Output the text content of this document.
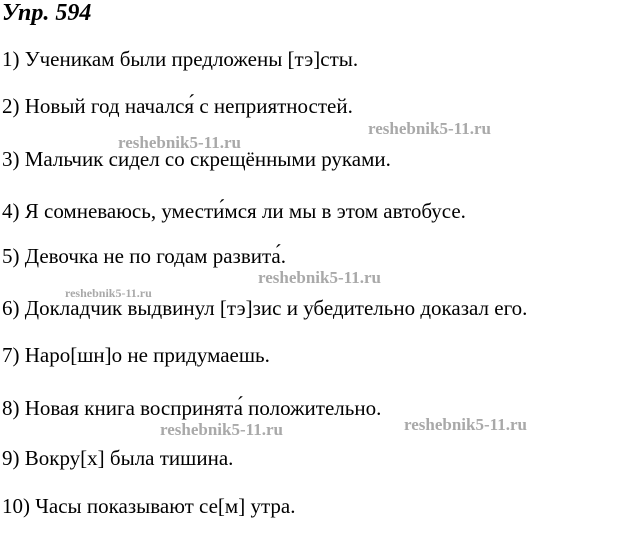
Упр. 594
1) Ученикам были предложены [тэ]сты.
2) Новый год начался́ с неприятностей.
3) Мальчик сидел со скрещёнными руками.
4) Я сомневаюсь, уместимся ли мы в этом автобусе.
5) Девочка не по годам развита́.
6) Докладчик выдвинул [тэ]зис и убедительно доказал его.
7) Наро[шн]о не придумаешь.
8) Новая книга воспринята́ положительно.
9) Вокру[х] была тишина.
10) Часы показывают се[м] утра.
reshebnik5-11.ru
reshebnik5-11.ru
reshebnik5-11.ru
reshebnik5-11.ru
reshebnik5-11.ru	reshebnik5-11.ru
